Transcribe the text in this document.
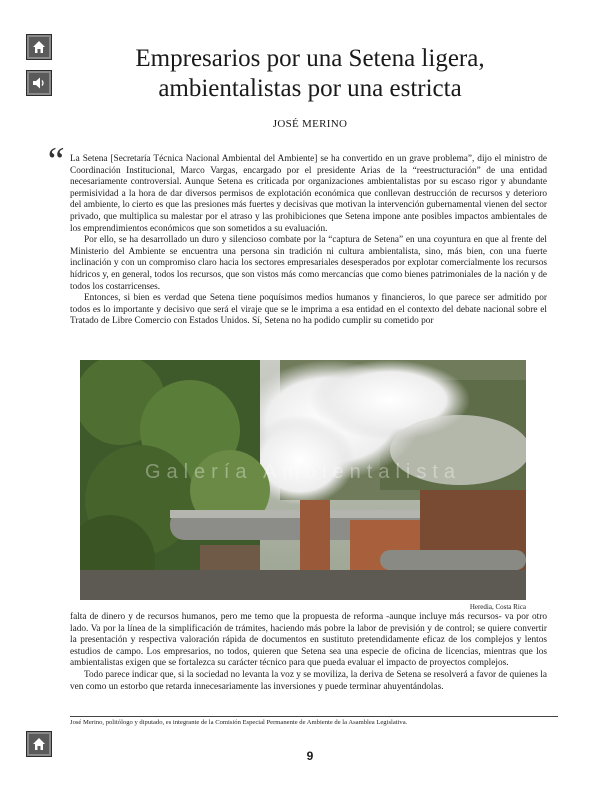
Empresarios por una Setena ligera,
ambientalistas por una estricta
JOSÉ MERINO
“ La Setena [Secretaría Técnica Nacional Ambiental del Ambiente] se ha convertido en un grave problema”, dijo el ministro de Coordinación Institucional, Marco Vargas, encargado por el presidente Arias de la “reestructuración” de una entidad necesariamente controversial. Aunque Setena es criticada por organizaciones ambientalistas por su escaso rigor y abundante permisividad a la hora de dar diversos permisos de explotación económica que conllevan destrucción de recursos y deterioro del ambiente, lo cierto es que las presiones más fuertes y decisivas que motivan la intervención gubernamental vienen del sector privado, que multiplica su malestar por el atraso y las prohibiciones que Setena impone ante posibles impactos ambientales de los emprendimientos económicos que son sometidos a su evaluación.

Por ello, se ha desarrollado un duro y silencioso combate por la “captura de Setena” en una coyuntura en que al frente del Ministerio del Ambiente se encuentra una persona sin tradición ni cultura ambientalista, sino, más bien, con una fuerte inclinación y con un compromiso claro hacia los sectores empresariales desesperados por explotar comercialmente los recursos hídricos y, en general, todos los recursos, que son vistos más como mercancías que como bienes patrimoniales de la nación y de todos los costarricenses.

Entonces, si bien es verdad que Setena tiene poquísimos medios humanos y financieros, lo que parece ser admitido por todos es lo importante y decisivo que será el viraje que se le imprima a esa entidad en el contexto del debate nacional sobre el Tratado de Libre Comercio con Estados Unidos. Sí, Setena no ha podido cumplir su cometido por

Galería Ambientalista
Heredia, Costa Rica

falta de dinero y de recursos humanos, pero me temo que la propuesta de reforma -aunque incluye más recursos- va por otro lado. Va por la línea de la simplificación de trámites, haciendo más pobre la labor de previsión y de control; se quiere convertir la presentación y respectiva valoración rápida de documentos en sustituto pretendidamente eficaz de los complejos y lentos estudios de campo. Los empresarios, no todos, quieren que Setena sea una especie de oficina de licencias, mientras que los ambientalistas exigen que se fortalezca su carácter técnico para que pueda evaluar el impacto de proyectos complejos.

Todo parece indicar que, si la sociedad no levanta la voz y se moviliza, la deriva de Setena se resolverá a favor de quienes la ven como un estorbo que retarda innecesariamente las inversiones y puede terminar ahuyentándolas.

José Merino, politólogo y diputado, es integrante de la Comisión Especial Permanente de Ambiente de la Asamblea Legislativa.
9
